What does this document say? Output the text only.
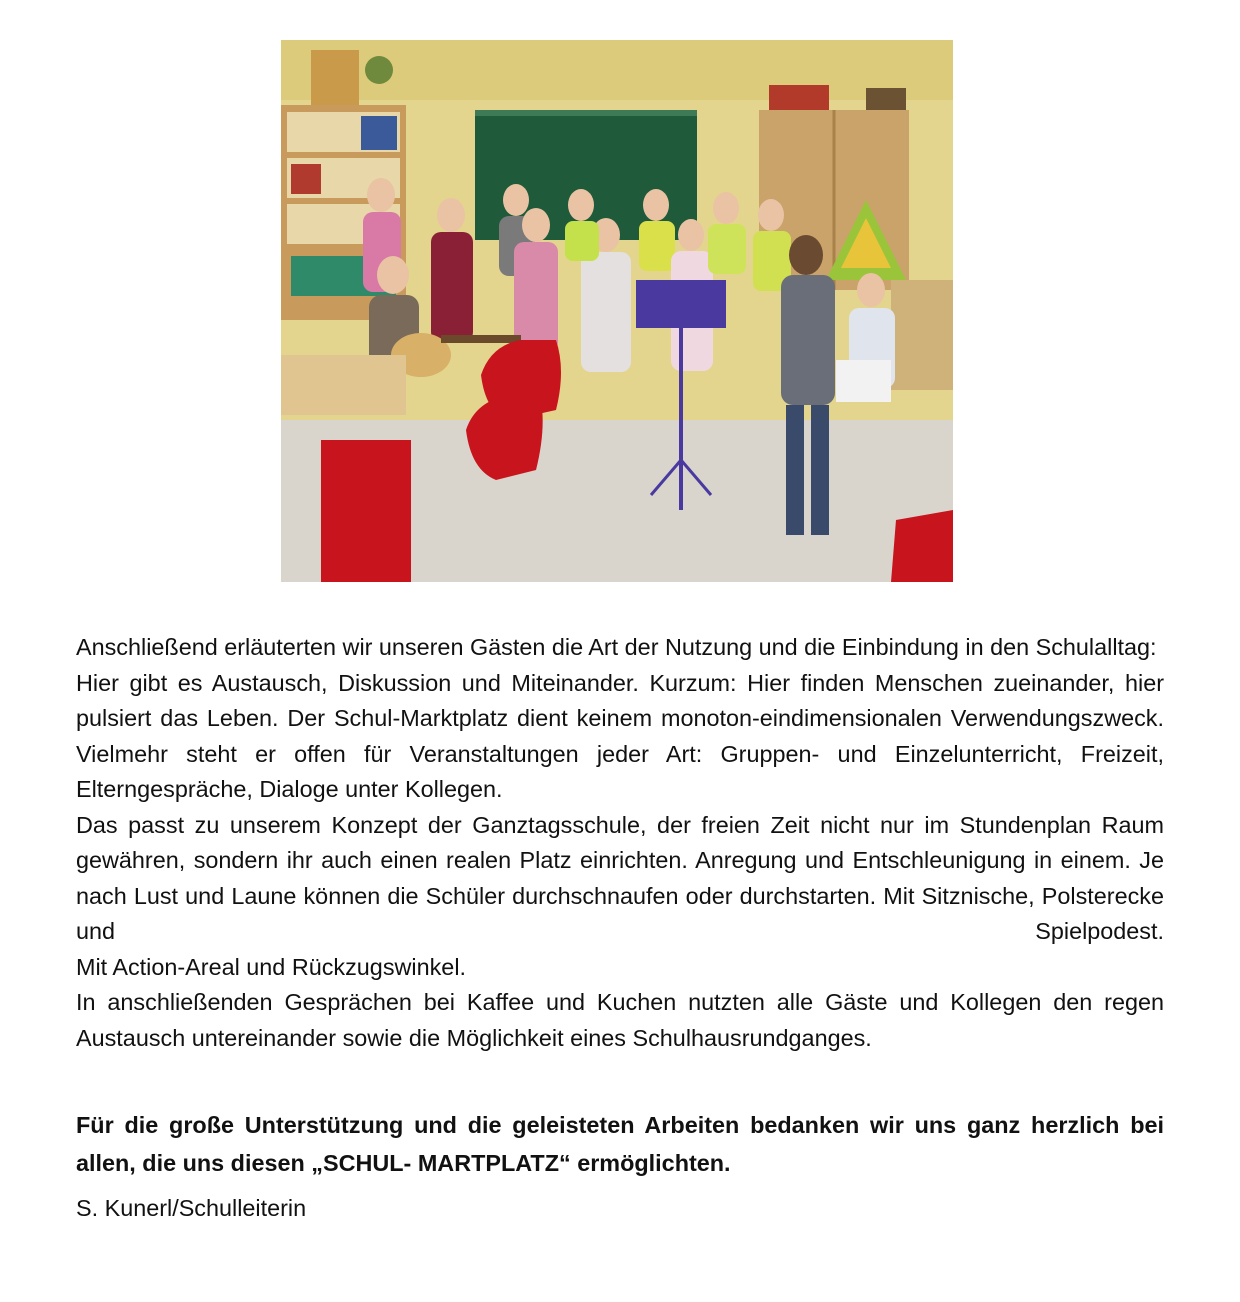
Anschließend erläuterten wir unseren Gästen die Art der Nutzung und die Einbindung in den Schulalltag:

Hier gibt es Austausch, Diskussion und Miteinander. Kurzum: Hier finden Menschen zueinander, hier pulsiert das Leben. Der Schul-Marktplatz dient keinem monoton-eindimensionalen Verwendungszweck. Vielmehr steht er offen für Veranstaltungen jeder Art: Gruppen- und Einzelunterricht, Freizeit, Elterngespräche, Dialoge unter Kollegen.

Das passt zu unserem Konzept der Ganztagsschule, der freien Zeit nicht nur im Stundenplan Raum gewähren, sondern ihr auch einen realen Platz einrichten. Anregung und Entschleunigung in einem. Je nach Lust und Laune können die Schüler durchschnaufen oder durchstarten. Mit Sitznische, Polsterecke und Spielpodest.

Mit Action-Areal und Rückzugswinkel.

In anschließenden Gesprächen bei Kaffee und Kuchen nutzten alle Gäste und Kollegen den regen Austausch untereinander sowie die Möglichkeit eines Schulhausrundganges.

Für die große Unterstützung und die geleisteten Arbeiten bedanken wir uns ganz herzlich bei allen, die uns diesen „SCHUL- MARTPLATZ“ ermöglichten.

S. Kunerl/Schulleiterin
